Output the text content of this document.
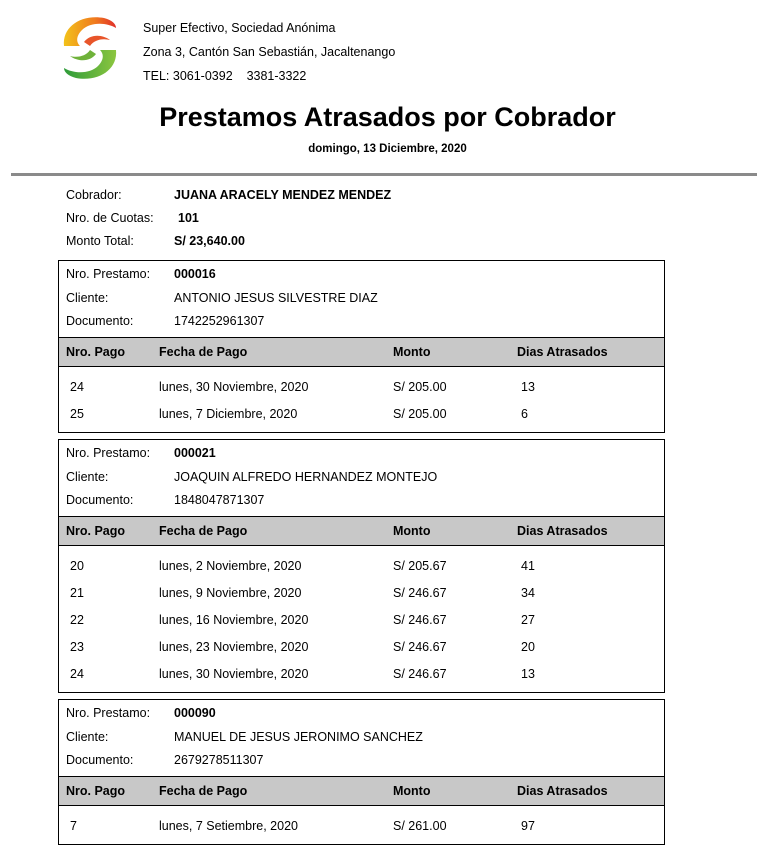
Super Efectivo, Sociedad Anónima
Zona 3, Cantón San Sebastián, Jacaltenango
TEL: 3061-0392 3381-3322
Prestamos Atrasados por Cobrador
domingo, 13 Diciembre, 2020
Cobrador:	JUANA ARACELY MENDEZ MENDEZ
Nro. de Cuotas: 101
Monto Total:	S/ 23,640.00
Nro. Prestamo: 000016
Cliente:	ANTONIO JESUS SILVESTRE DIAZ
Documento:	1742252961307
Nro. Pago	Fecha de Pago	Monto	Dias Atrasados
24	lunes, 30 Noviembre, 2020	S/ 205.00	13
25	lunes, 7 Diciembre, 2020	S/ 205.00	6
Nro. Prestamo: 000021
Cliente:	JOAQUIN ALFREDO HERNANDEZ MONTEJO
Documento:	1848047871307
Nro. Pago	Fecha de Pago	Monto	Dias Atrasados
20	lunes, 2 Noviembre, 2020	S/ 205.67	41
21	lunes, 9 Noviembre, 2020	S/ 246.67	34
22	lunes, 16 Noviembre, 2020	S/ 246.67	27
23	lunes, 23 Noviembre, 2020	S/ 246.67	20
24	lunes, 30 Noviembre, 2020	S/ 246.67	13
Nro. Prestamo: 000090
Cliente:	MANUEL DE JESUS JERONIMO SANCHEZ
Documento:	2679278511307
Nro. Pago	Fecha de Pago	Monto	Dias Atrasados
7	lunes, 7 Setiembre, 2020	S/ 261.00	97
